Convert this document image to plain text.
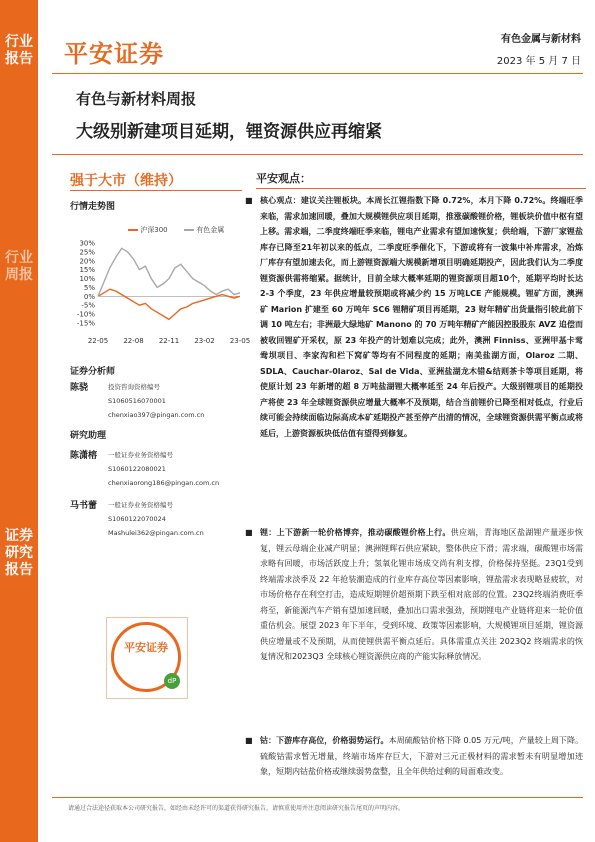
行业报告
行业周报
证券研究报告
平安证券
有色金属与新材料
2023 年 5 月 7 日
有色与新材料周报
大级别新建项目延期，锂资源供应再缩紧
强于大市（维持）
行情走势图
沪深300	有色金属
30%
25%
20%
15%
10%
5%
0%
-5%
-10%
-15%
22-05 22-08 22-11 23-02 23-05
证券分析师
陈骁	投资咨询资格编号
S1060516070001
chenxiao397@pingan.com.cn
研究助理
陈潇榕	一般证券业务资格编号
S1060122080021
chenxiaorong186@pingan.com.cn
马书蕾	一般证券业务资格编号
S1060122070024
Mashulei362@pingan.com.cn
平安证券
dP
平安观点：
■ 核心观点：建议关注锂板块。本周长江锂指数下降 0.72%，本月下降 0.72%。终端旺季来临，需求加速回暖，叠加大规模锂供应项目延期，推涨碳酸锂价格，锂板块价值中枢有望上移。需求端，二季度终端旺季来临，锂电产业需求有望加速恢复；供给端，下游厂家锂盐库存已降至21年初以来的低点，二季度旺季催化下，下游或将有一波集中补库需求，冶炼厂库存有望加速去化，而上游锂资源端大规模新增项目明确延期投产，因此我们认为二季度锂资源供需将缩紧。据统计，目前全球大概率延期的锂资源项目超10个，延期平均时长达 2-3 个季度，23 年供应增量较预期或将减少约 15 万吨LCE 产能规模。锂矿方面，澳洲矿 Marion 扩建至 60 万吨年 SC6 锂精矿项目再延期，23 财年精矿出货量指引较此前下调 10 吨左右；非洲最大绿地矿 Manono 的 70 万吨年精矿产能因控股股东 AVZ 追偿而被收回锂矿开采权，原 23 年投产的计划难以完成；此外，澳洲 Finniss、亚洲甲基卡莺鸯坝项目、李家沟和栏下窝矿等均有不同程度的延期；南美盐湖方面，Olaroz 二期、SDLA、Cauchar-0laroz、Sal de Vida、亚洲盐湖龙木错&结则茶卡等项目延期，将使原计划 23 年新增的超 8 万吨盐湖锂大概率延至 24 年后投产。大级别锂项目的延期投产将使 23 年全球锂资源供应增量大概率不及预期，结合当前锂价已降至相对低点，行业后续可能会持续面临边际高成本矿延期投产甚至停产出清的情况，全球锂资源供需平衡点或将延后，上游资源板块低估值有望得到修复。
■ 锂：上下游新一轮价格博弈，推动碳酸锂价格上行。供应端，青海地区盐湖锂产量逐步恢复，锂云母端企业减产明显；澳洲锂辉石供应紧缺，整体供应下滑；需求端，碳酸锂市场需求略有回暖，市场活跃度上升；氢氧化锂市场成交尚有利支撑，价格保持坚挺。23Q1受到终端需求淡季及 22 年抢装潮造成的行业库存高位等因素影响，锂盐需求表现略显疲软，对市场价格存在利空打击，造成短期锂价超预期下跌至相对底部的位置。23Q2终端消费旺季将至，新能源汽车产销有望加速回暖，叠加出口需求强劲，预期锂电产业链将迎来一轮价值重估机会。展望 2023 年下半年，受到环境、政策等因素影响，大规模锂项目延期，锂资源供应增量或不及预期，从而使锂供需平衡点延后。具体需重点关注 2023Q2 终端需求的恢复情况和2023Q3 全球核心锂资源供应商的产能实际释放情况。
■ 钴：下游库存高位，价格弱势运行。本周硫酸钴价格下降 0.05 万元/吨，产量较上周下降。硫酸钴需求暂无增量，终端市场库存巨大，下游对三元正极材料的需求暂未有明显增加迹象，短期内钴盐价格或继续弱势盘整，且全年供给过剩的局面难改变。
请通过合法途径获取本公司研究报告，如经由未经许可的渠道获得研究报告，请慎重使用并注意阅读研究报告尾页的声明内容。
